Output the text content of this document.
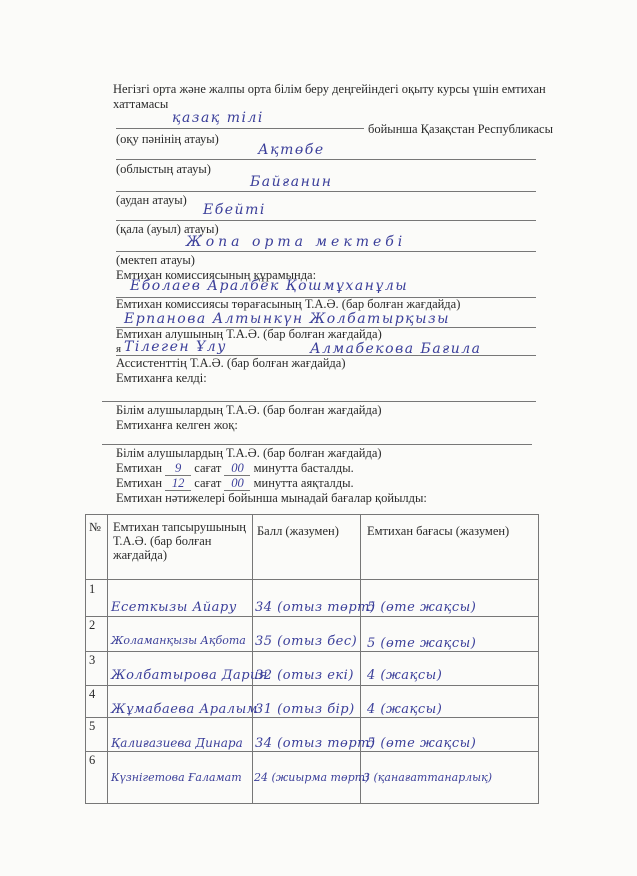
Негізгі орта және жалпы орта білім беру деңгейіндегі оқыту курсы үшін емтихан
хаттамасы
қазақ тілі
бойынша Қазақстан Республикасы
(оқу пәнінің атауы)
Ақтөбе
(облыстың атауы)
Байғанин
(аудан атауы)
Ебейті
(қала (ауыл) атауы)
Жопа орта мектебі
(мектеп атауы)
Емтихан комиссиясының құрамында:
Еболаев Аралбек Қошмұханұлы
Емтихан комиссиясы төрағасының Т.А.Ә. (бар болған жағдайда)
Ерпанова Алтынкүн Жолбатырқызы
Емтихан алушының Т.А.Ә. (бар болған жағдайда)
я Тілеген Ұлу	Алмабекова Бағила
Ассистенттің Т.А.Ә. (бар болған жағдайда)
Емтиханға келді:
Білім алушылардың Т.А.Ә. (бар болған жағдайда)
Емтиханға келген жоқ:
Білім алушылардың Т.А.Ә. (бар болған жағдайда)
Емтихан 9 сағат 00 минутта басталды.
Емтихан 12 сағат 00 минутта аяқталды.
Емтихан нәтижелері бойынша мынадай бағалар қойылды:
№ Емтихан тапсырушының Т.А.Ә. (бар болған жағдайда)
Балл (жазумен) Емтихан бағасы (жазумен)
1
Есеткызы Айару 34 (отыз төрт)
5 (өте жақсы)
2
Жоламанқызы Ақбота 35 (отыз бес) 5 (өте жақсы)
3
Жолбатырова Дария
32 (отыз екі) 4 (жақсы)
4
Жұмабаева Аралым
31 (отыз бір) 4 (жақсы)
5
Қалиғазиева Динара 34 (отыз төрт)
5 (өте жақсы)
6
Күзнігетова Ғаламат 24 (жиырма төрт)
3 (қанағаттанарлық)
